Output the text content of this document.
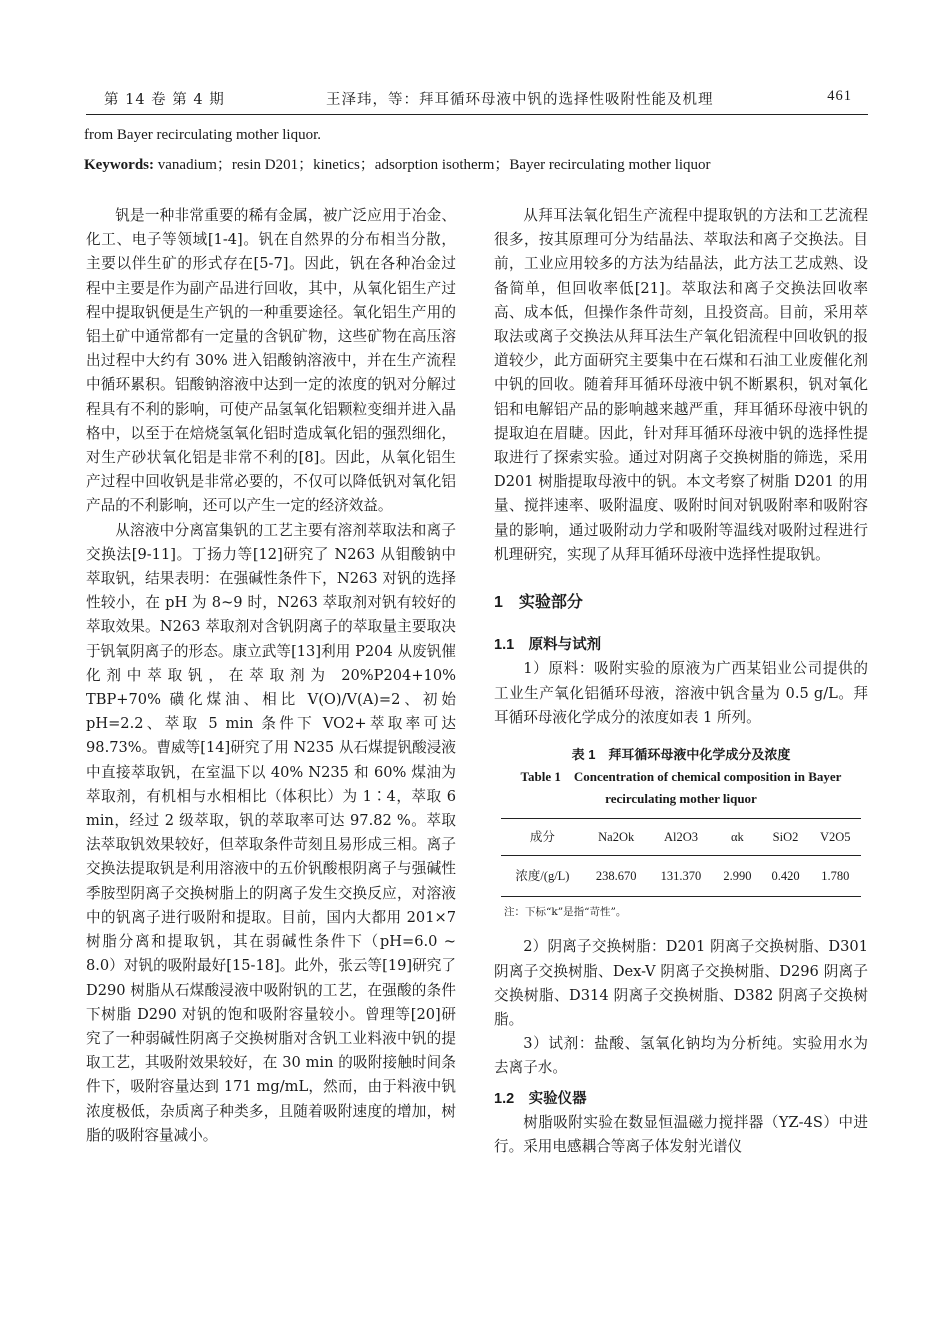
第 14 卷 第 4 期	王泽玮，等：拜耳循环母液中钒的选择性吸附性能及机理	461
from Bayer recirculating mother liquor.
Keywords: vanadium；resin D201；kinetics；adsorption isotherm；Bayer recirculating mother liquor

钒是一种非常重要的稀有金属，被广泛应用于冶金、化工、电子等领域[1-4]。钒在自然界的分布相当分散，主要以伴生矿的形式存在[5-7]。因此，钒在各种冶金过程中主要是作为副产品进行回收，其中，从氧化铝生产过程中提取钒便是生产钒的一种重要途径。氧化铝生产用的铝土矿中通常都有一定量的含钒矿物，这些矿物在高压溶出过程中大约有 30% 进入铝酸钠溶液中，并在生产流程中循环累积。铝酸钠溶液中达到一定的浓度的钒对分解过程具有不利的影响，可使产品氢氧化铝颗粒变细并进入晶格中，以至于在焙烧氢氧化铝时造成氧化铝的强烈细化，对生产砂状氧化铝是非常不利的[8]。因此，从氧化铝生产过程中回收钒是非常必要的，不仅可以降低钒对氧化铝产品的不利影响，还可以产生一定的经济效益。

从溶液中分离富集钒的工艺主要有溶剂萃取法和离子交换法[9-11]。丁扬力等[12]研究了 N263 从钼酸钠中萃取钒，结果表明：在强碱性条件下，N263 对钒的选择性较小，在 pH 为 8~9 时，N263 萃取剂对钒有较好的萃取效果。N263 萃取剂对含钒阴离子的萃取量主要取决于钒氧阴离子的形态。康立武等[13]利用 P204 从废钒催化剂中萃取钒，在萃取剂为 20%P204+10% TBP+70% 磺化煤油、相比 V(O)/V(A)=2、初始 pH=2.2、萃取 5 min 条件下 VO2+萃取率可达 98.73%。曹威等[14]研究了用 N235 从石煤提钒酸浸液中直接萃取钒，在室温下以 40% N235 和 60% 煤油为萃取剂，有机相与水相相比（体积比）为 1∶4，萃取 6 min，经过 2 级萃取，钒的萃取率可达 97.82 %。萃取法萃取钒效果较好，但萃取条件苛刻且易形成三相。离子交换法提取钒是利用溶液中的五价钒酸根阴离子与强碱性季胺型阴离子交换树脂上的阴离子发生交换反应，对溶液中的钒离子进行吸附和提取。目前，国内大都用 201×7 树脂分离和提取钒，其在弱碱性条件下（pH=6.0 ~ 8.0）对钒的吸附最好[15-18]。此外，张云等[19]研究了 D290 树脂从石煤酸浸液中吸附钒的工艺，在强酸的条件下树脂 D290 对钒的饱和吸附容量较小。曾理等[20]研究了一种弱碱性阴离子交换树脂对含钒工业料液中钒的提取工艺，其吸附效果较好，在 30 min 的吸附接触时间条件下，吸附容量达到 171 mg/mL，然而，由于料液中钒浓度极低，杂质离子种类多，且随着吸附速度的增加，树脂的吸附容量减小。

从拜耳法氧化铝生产流程中提取钒的方法和工艺流程很多，按其原理可分为结晶法、萃取法和离子交换法。目前，工业应用较多的方法为结晶法，此方法工艺成熟、设备简单，但回收率低[21]。萃取法和离子交换法回收率高、成本低，但操作条件苛刻，且投资高。目前，采用萃取法或离子交换法从拜耳法生产氧化铝流程中回收钒的报道较少，此方面研究主要集中在石煤和石油工业废催化剂中钒的回收。随着拜耳循环母液中钒不断累积，钒对氧化铝和电解铝产品的影响越来越严重，拜耳循环母液中钒的提取迫在眉睫。因此，针对拜耳循环母液中钒的选择性提取进行了探索实验。通过对阴离子交换树脂的筛选，采用 D201 树脂提取母液中的钒。本文考察了树脂 D201 的用量、搅拌速率、吸附温度、吸附时间对钒吸附率和吸附容量的影响，通过吸附动力学和吸附等温线对吸附过程进行机理研究，实现了从拜耳循环母液中选择性提取钒。

1　实验部分

1.1　原料与试剂

1）原料：吸附实验的原液为广西某铝业公司提供的工业生产氧化铝循环母液，溶液中钒含量为 0.5 g/L。拜耳循环母液化学成分的浓度如表 1 所列。

表 1　拜耳循环母液中化学成分及浓度

Table 1　Concentration of chemical composition in Bayer recirculating mother liquor

成分	Na2Ok	Al2O3	αk	SiO2	V2O5
浓度/(g/L)	238.670	131.370	2.990	0.420	1.780

注：下标“k”是指“苛性”。

2）阴离子交换树脂：D201 阴离子交换树脂、D301 阴离子交换树脂、Dex-V 阴离子交换树脂、D296 阴离子交换树脂、D314 阴离子交换树脂、D382 阴离子交换树脂。

3）试剂：盐酸、氢氧化钠均为分析纯。实验用水为去离子水。

1.2　实验仪器

树脂吸附实验在数显恒温磁力搅拌器（YZ-4S）中进行。采用电感耦合等离子体发射光谱仪
